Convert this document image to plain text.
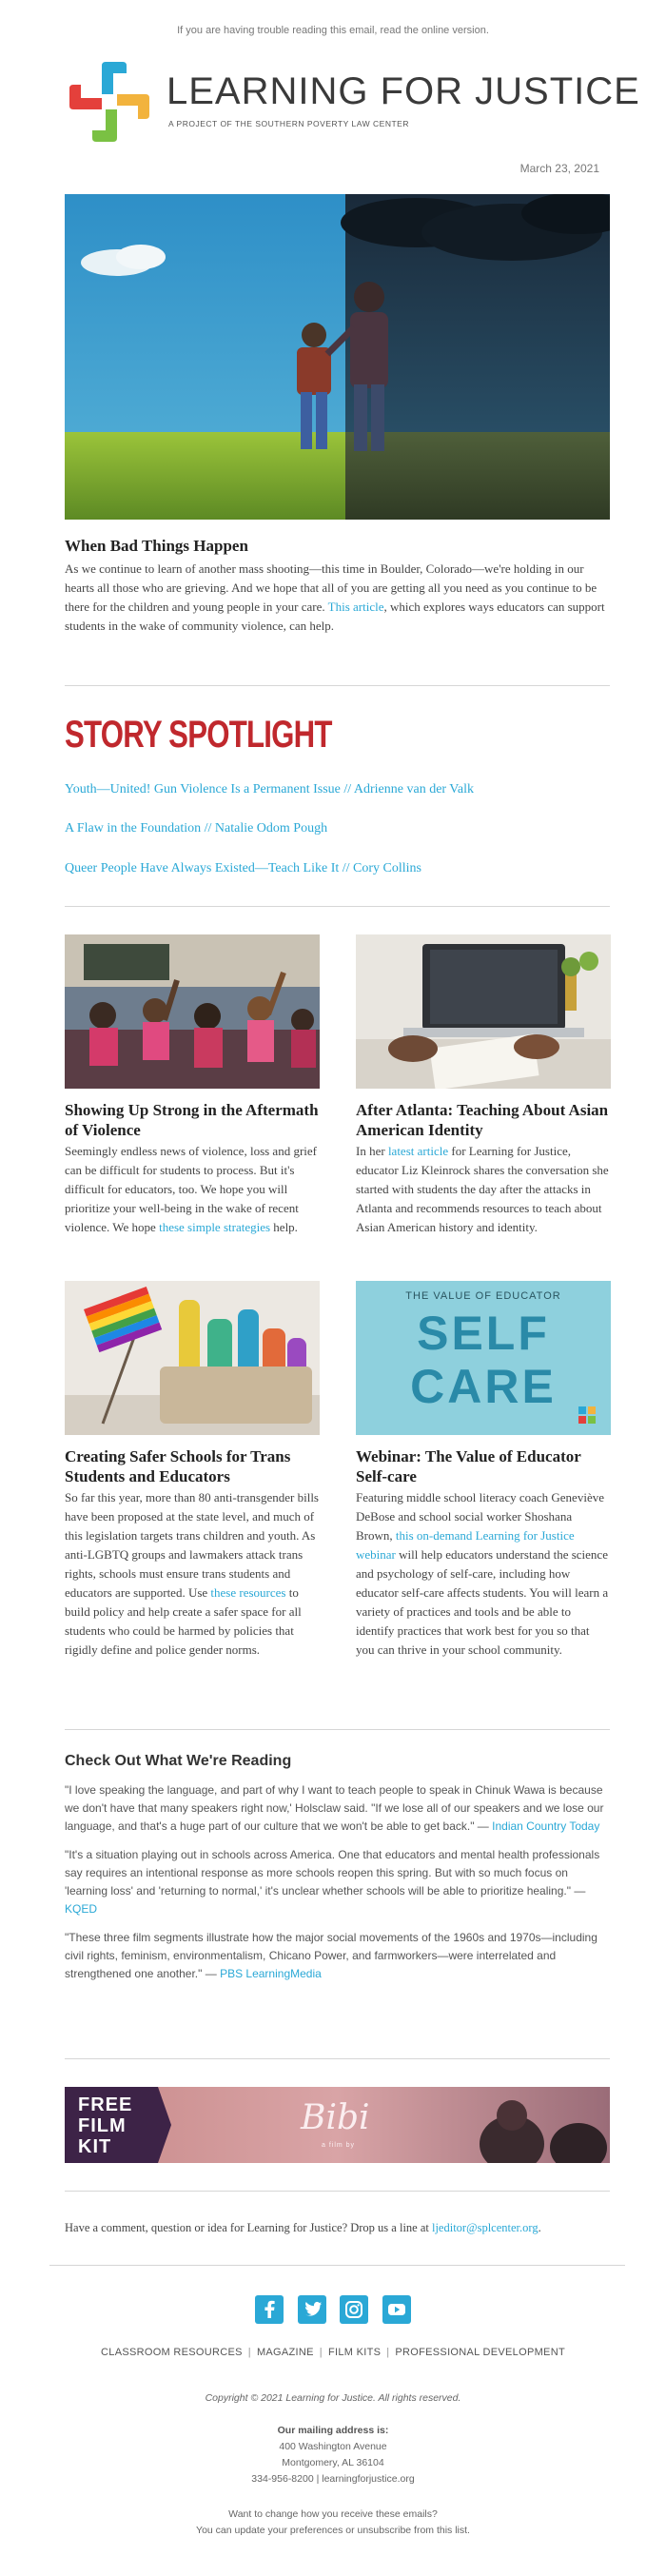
If you are having trouble reading this email, read the online version.
LEARNING FOR JUSTICE
A PROJECT OF THE SOUTHERN POVERTY LAW CENTER
March 23, 2021
When Bad Things Happen

As we continue to learn of another mass shooting—this time in Boulder, Colorado—we're holding in our hearts all those who are grieving. And we hope that all of you are getting all you need as you continue to be there for the children and young people in your care. This article, which explores ways educators can support students in the wake of community violence, can help.

STORY SPOTLIGHT
Youth—United! Gun Violence Is a Permanent Issue // Adrienne van der Valk
A Flaw in the Foundation // Natalie Odom Pough
Queer People Have Always Existed—Teach Like It // Cory Collins
Showing Up Strong in the Aftermath of Violence
Seemingly endless news of violence, loss and grief can be difficult for students to process. But it's difficult for educators, too. We hope you will prioritize your well-being in the wake of recent violence. We hope these simple strategies help.
After Atlanta: Teaching About Asian American Identity
In her latest article for Learning for Justice, educator Liz Kleinrock shares the conversation she started with students the day after the attacks in Atlanta and recommends resources to teach about Asian American history and identity.
Creating Safer Schools for Trans Students and Educators
So far this year, more than 80 anti-transgender bills have been proposed at the state level, and much of this legislation targets trans children and youth. As anti-LGBTQ groups and lawmakers attack trans rights, schools must ensure trans students and educators are supported. Use these resources to build policy and help create a safer space for all students who could be harmed by policies that rigidly define and police gender norms.
THE VALUE OF EDUCATOR
SELF
CARE
Webinar: The Value of Educator Self-care
Featuring middle school literacy coach Geneviève DeBose and school social worker Shoshana Brown, this on-demand Learning for Justice webinar will help educators understand the science and psychology of self-care, including how educator self-care affects students. You will learn a variety of practices and tools and be able to identify practices that work best for you so that you can thrive in your school community.
Check Out What We're Reading

"I love speaking the language, and part of why I want to teach people to speak in Chinuk Wawa is because we don't have that many speakers right now,' Holsclaw said. "If we lose all of our speakers and we lose our language, and that's a huge part of our culture that we won't be able to get back." — Indian Country Today

"It's a situation playing out in schools across America. One that educators and mental health professionals say requires an intentional response as more schools reopen this spring. But with so much focus on 'learning loss' and 'returning to normal,' it's unclear whether schools will be able to prioritize healing." — KQED

"These three film segments illustrate how the major social movements of the 1960s and 1970s—including civil rights, feminism, environmentalism, Chicano Power, and farmworkers—were interrelated and strengthened one another." — PBS LearningMedia

FREE
FILM
KIT
Bibi
a film by
Have a comment, question or idea for Learning for Justice? Drop us a line at ljeditor@splcenter.org.

CLASSROOM RESOURCES | MAGAZINE | FILM KITS | PROFESSIONAL DEVELOPMENT
Copyright © 2021 Learning for Justice. All rights reserved.
Our mailing address is:
400 Washington Avenue
Montgomery, AL 36104
334-956-8200 | learningforjustice.org
Want to change how you receive these emails?
You can update your preferences or unsubscribe from this list.
